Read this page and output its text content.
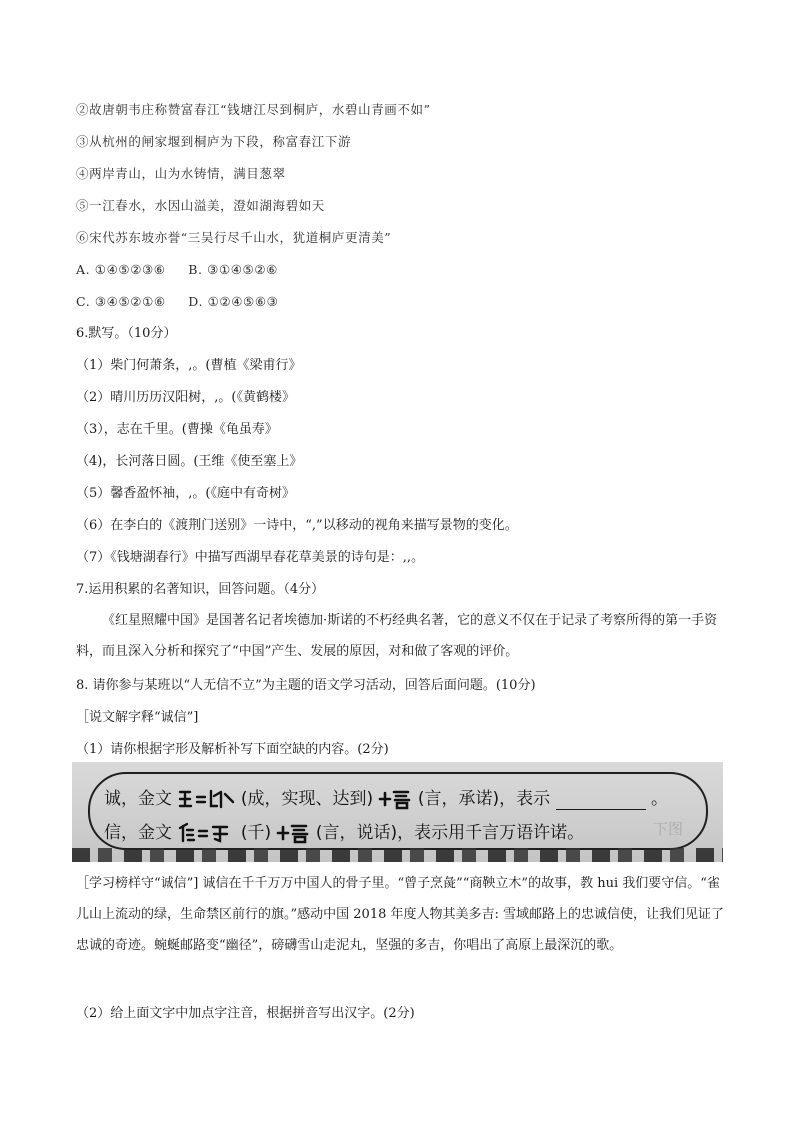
②故唐朝韦庄称赞富春江“钱塘江尽到桐庐，水碧山青画不如”
③从杭州的闸家堰到桐庐为下段，称富春江下游
④两岸青山，山为水铸情，满目葱翠
⑤一江春水，水因山溢美，澄如湖海碧如天
⑥宋代苏东坡亦誉“三吴行尽千山水，犹道桐庐更清美”
A. ①④⑤②③⑥ B. ③①④⑤②⑥
C. ③④⑤②①⑥ D. ①②④⑤⑥③
6.默写。（10分）
（1）柴门何萧条，,。(曹植《梁甫行》
（2）晴川历历汉阳树，,。(《黄鹤楼》
（3），志在千里。(曹操《龟虽寿》
（4)，长河落日圆。(王维《使至塞上》
（5）馨香盈怀袖，,。(《庭中有奇树》
（6）在李白的《渡荆门送别》一诗中，“,”以移动的视角来描写景物的变化。
（7）《钱塘湖春行》中描写西湖早春花草美景的诗句是：,,。
7.运用积累的名著知识，回答问题。（4分）
《红星照耀中国》是国著名记者埃德加·斯诺的不朽经典名著，它的意义不仅在于记录了考察所得的第一手资料，而且深入分析和探究了“中国”产生、发展的原因，对和做了客观的评价。
8. 请你参与某班以“人无信不立”为主题的语文学习活动，回答后面问题。(10分)
［说文解字释“诚信”]
（1）请你根据字形及解析补写下面空缺的内容。(2分)
诚，金文	(成，实现、达到)	(言，承诺)，表示	。
信，金文	(千)	(言，说话)，表示用千言万语许诺。	下图
［学习榜样守“诚信”] 诚信在千千万万中国人的骨子里。“曾子烹彘”“商鞅立木”的故事，教 hui 我们要守信。“雀儿山上流动的绿，生命禁区前行的旗。”感动中国 2018 年度人物其美多吉: 雪域邮路上的忠诚信使，让我们见证了忠诚的奇迹。蜿蜒邮路变“幽径”，磅礴雪山走泥丸，坚强的多吉，你唱出了高原上最深沉的歌。
（2）给上面文字中加点字注音，根据拼音写出汉字。(2分)
